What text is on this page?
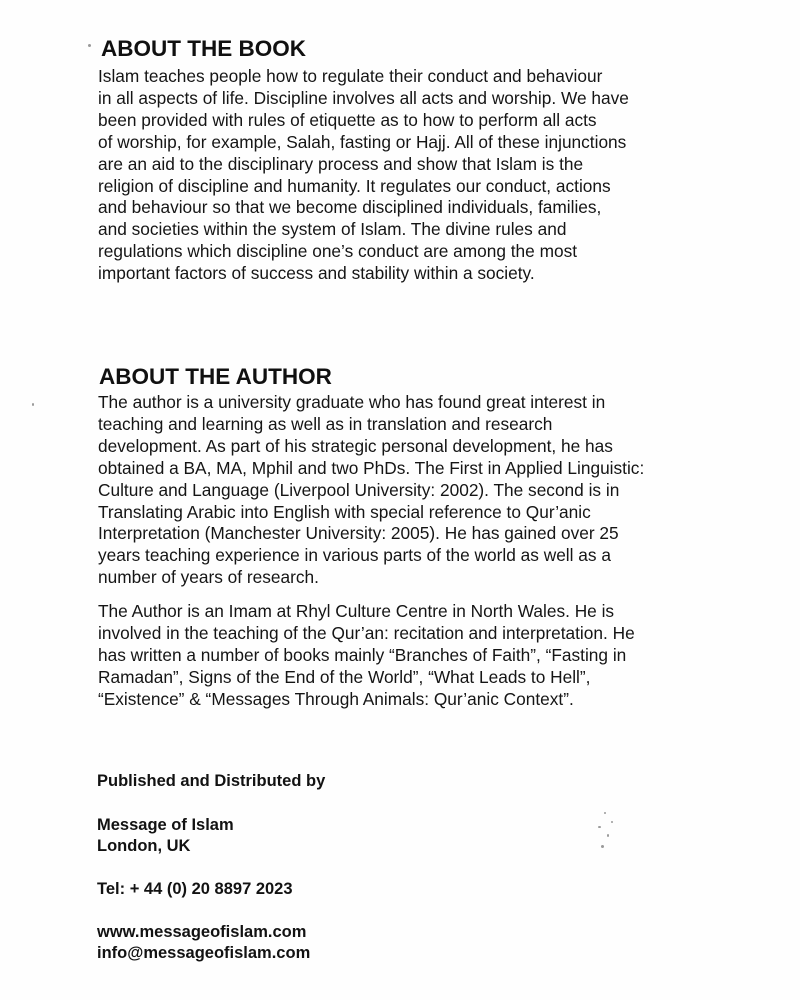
ABOUT THE BOOK

Islam teaches people how to regulate their conduct and behaviour
in all aspects of life. Discipline involves all acts and worship. We have
been provided with rules of etiquette as to how to perform all acts
of worship, for example, Salah, fasting or Hajj. All of these injunctions
are an aid to the disciplinary process and show that Islam is the
religion of discipline and humanity. It regulates our conduct, actions
and behaviour so that we become disciplined individuals, families,
and societies within the system of Islam. The divine rules and
regulations which discipline one’s conduct are among the most
important factors of success and stability within a society.

ABOUT THE AUTHOR

The author is a university graduate who has found great interest in
teaching and learning as well as in translation and research
development. As part of his strategic personal development, he has
obtained a BA, MA, Mphil and two PhDs. The First in Applied Linguistic:
Culture and Language (Liverpool University: 2002). The second is in
Translating Arabic into English with special reference to Qur’anic
Interpretation (Manchester University: 2005). He has gained over 25
years teaching experience in various parts of the world as well as a
number of years of research.

The Author is an Imam at Rhyl Culture Centre in North Wales. He is
involved in the teaching of the Qur’an: recitation and interpretation. He
has written a number of books mainly “Branches of Faith”, “Fasting in
Ramadan”, Signs of the End of the World”, “What Leads to Hell”,
“Existence” & “Messages Through Animals: Qur’anic Context”.

Published and Distributed by
Message of Islam
London, UK
Tel: + 44 (0) 20 8897 2023
www.messageofislam.com
info@messageofislam.com
